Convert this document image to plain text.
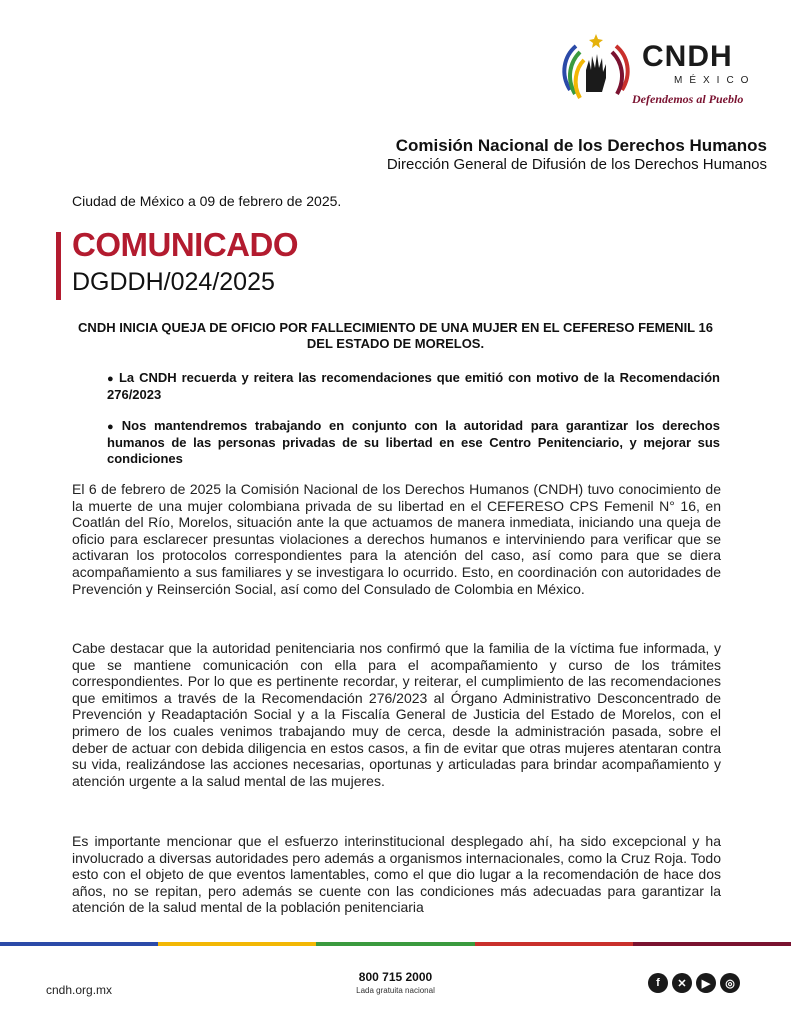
CNDH
MÉXICO
Defendemos al Pueblo
Comisión Nacional de los Derechos Humanos
Dirección General de Difusión de los Derechos Humanos
Ciudad de México a 09 de febrero de 2025.
COMUNICADO
DGDDH/024/2025
CNDH INICIA QUEJA DE OFICIO POR FALLECIMIENTO DE UNA MUJER EN EL CEFERESO FEMENIL 16 DEL ESTADO DE MORELOS.
● La CNDH recuerda y reitera las recomendaciones que emitió con motivo de la Recomendación 276/2023
● Nos mantendremos trabajando en conjunto con la autoridad para garantizar los derechos humanos de las personas privadas de su libertad en ese Centro Penitenciario, y mejorar sus condiciones
El 6 de febrero de 2025 la Comisión Nacional de los Derechos Humanos (CNDH) tuvo conocimiento de la muerte de una mujer colombiana privada de su libertad en el CEFERESO CPS Femenil N° 16, en Coatlán del Río, Morelos, situación ante la que actuamos de manera inmediata, iniciando una queja de oficio para esclarecer presuntas violaciones a derechos humanos e interviniendo para verificar que se activaran los protocolos correspondientes para la atención del caso, así como para que se diera acompañamiento a sus familiares y se investigara lo ocurrido. Esto, en coordinación con autoridades de Prevención y Reinserción Social, así como del Consulado de Colombia en México.
Cabe destacar que la autoridad penitenciaria nos confirmó que la familia de la víctima fue informada, y que se mantiene comunicación con ella para el acompañamiento y curso de los trámites correspondientes. Por lo que es pertinente recordar, y reiterar, el cumplimiento de las recomendaciones que emitimos a través de la Recomendación 276/2023 al Órgano Administrativo Desconcentrado de Prevención y Readaptación Social y a la Fiscalía General de Justicia del Estado de Morelos, con el primero de los cuales venimos trabajando muy de cerca, desde la administración pasada, sobre el deber de actuar con debida diligencia en estos casos, a fin de evitar que otras mujeres atentaran contra su vida, realizándose las acciones necesarias, oportunas y articuladas para brindar acompañamiento y atención urgente a la salud mental de las mujeres.
Es importante mencionar que el esfuerzo interinstitucional desplegado ahí, ha sido excepcional y ha involucrado a diversas autoridades pero además a organismos internacionales, como la Cruz Roja. Todo esto con el objeto de que eventos lamentables, como el que dio lugar a la recomendación de hace dos años, no se repitan, pero además se cuente con las condiciones más adecuadas para garantizar la atención de la salud mental de la población penitenciaria
cndh.org.mx
800 715 2000
Lada gratuita nacional
f	✕	▶	◎
